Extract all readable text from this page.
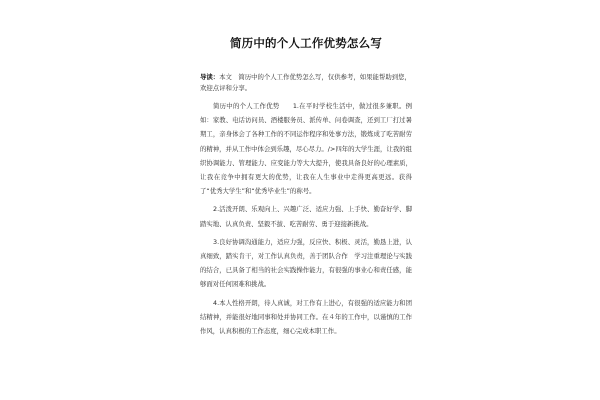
简历中的个人工作优势怎么写

导读：本文　简历中的个人工作优势怎么写，仅供参考，如果能帮助到您，欢迎点评和分享。

简历中的个人工作优势　　1.在平时学校生活中，做过很多兼职。例如：家教、电话访问员、酒楼服务员、派传单、问卷调查，还到工厂打过暑期工，亲身体会了各种工作的不同运作程序和处事方法，锻炼成了吃苦耐劳的精神，并从工作中体会到乐趣，尽心尽力。/>四年的大学生涯，让我的组织协调能力、管理能力、应变能力等大大提升，使我具备良好的心理素质，让我在竞争中拥有更大的优势，让我在人生事业中走得更高更远。获得了“优秀大学生”和“优秀毕业生”的称号。

2.活泼开朗、乐观向上、兴趣广泛、适应力强、上手快、勤奋好学、脚踏实地、认真负责、坚毅不拔、吃苦耐劳、勇于迎接新挑战。

3.良好协调沟通能力，适应力强，反应快、积极、灵活，勤恳上进，认真细致，踏实肯干，对工作认真负责，善于团队合作　学习注重理论与实践的结合，已具备了相当的社会实践操作能力，有很强的事业心和责任感，能够面对任何困难和挑战。

4.本人性格开朗，待人真诚，对工作有上进心，有很强的适应能力和团结精神，并能很好地同事和处并协同工作。在４年的工作中，以谨慎的工作作风，认真积极的工作态度，细心完成本职工作。
